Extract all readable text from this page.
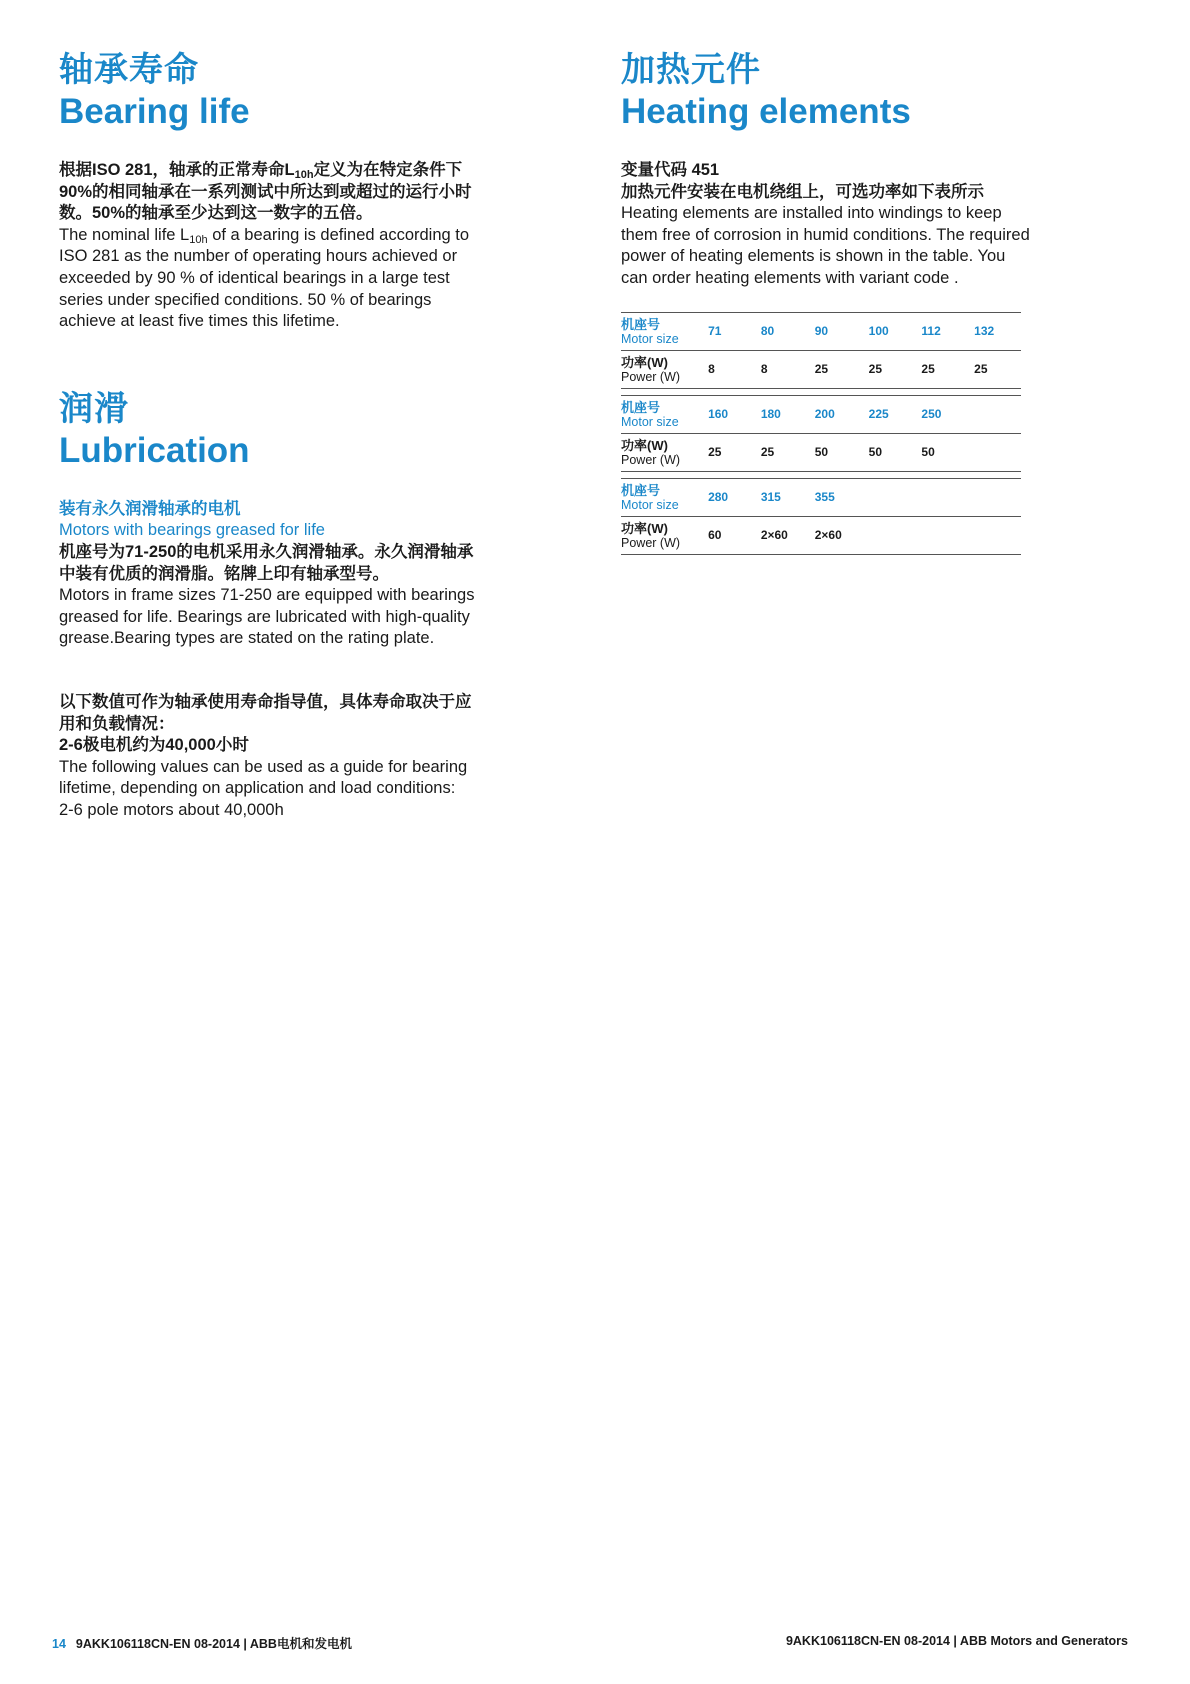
轴承寿命
Bearing life

根据ISO 281，轴承的正常寿命$L_{10h}$定义为在特定条件下90%的相同轴承在一系列测试中所达到或超过的运行小时数。50%的轴承至少达到这一数字的五倍。

The nominal life $L_{10h}$ of a bearing is defined according to ISO 281 as the number of operating hours achieved or exceeded by 90 % of identical bearings in a large test series under specified conditions. 50 % of bearings achieve at least five times this lifetime.

润滑
Lubrication

装有永久润滑轴承的电机

Motors with bearings greased for life

机座号为71-250的电机采用永久润滑轴承。永久润滑轴承中装有优质的润滑脂。铭牌上印有轴承型号。

Motors in frame sizes 71-250 are equipped with bearings greased for life. Bearings are lubricated with high-quality grease.Bearing types are stated on the rating plate.

以下数值可作为轴承使用寿命指导值，具体寿命取决于应用和负载情况：

2-6极电机约为40,000小时

The following values can be used as a guide for bearing lifetime, depending on application and load conditions:

2-6 pole motors about 40,000h

加热元件
Heating elements

变量代码 451

加热元件安装在电机绕组上，可选功率如下表所示

Heating elements are installed into windings to keep them free of corrosion in humid conditions. The required power of heating elements is shown in the table. You can order heating elements with variant code .

机座号
Motor size	71	80	90	100	112	132

功率(W)
Power (W)	8	8	25	25	25	25

机座号
Motor size	160	180	200	225	250	

功率(W)
Power (W)	25	25	50	50	50	

机座号
Motor size	280	315	355			

功率(W)
Power (W)	60	2×60	2×60			
14 9AKK106118CN-EN 08-2014 | ABB电机和发电机	9AKK106118CN-EN 08-2014 | ABB Motors and Generators
